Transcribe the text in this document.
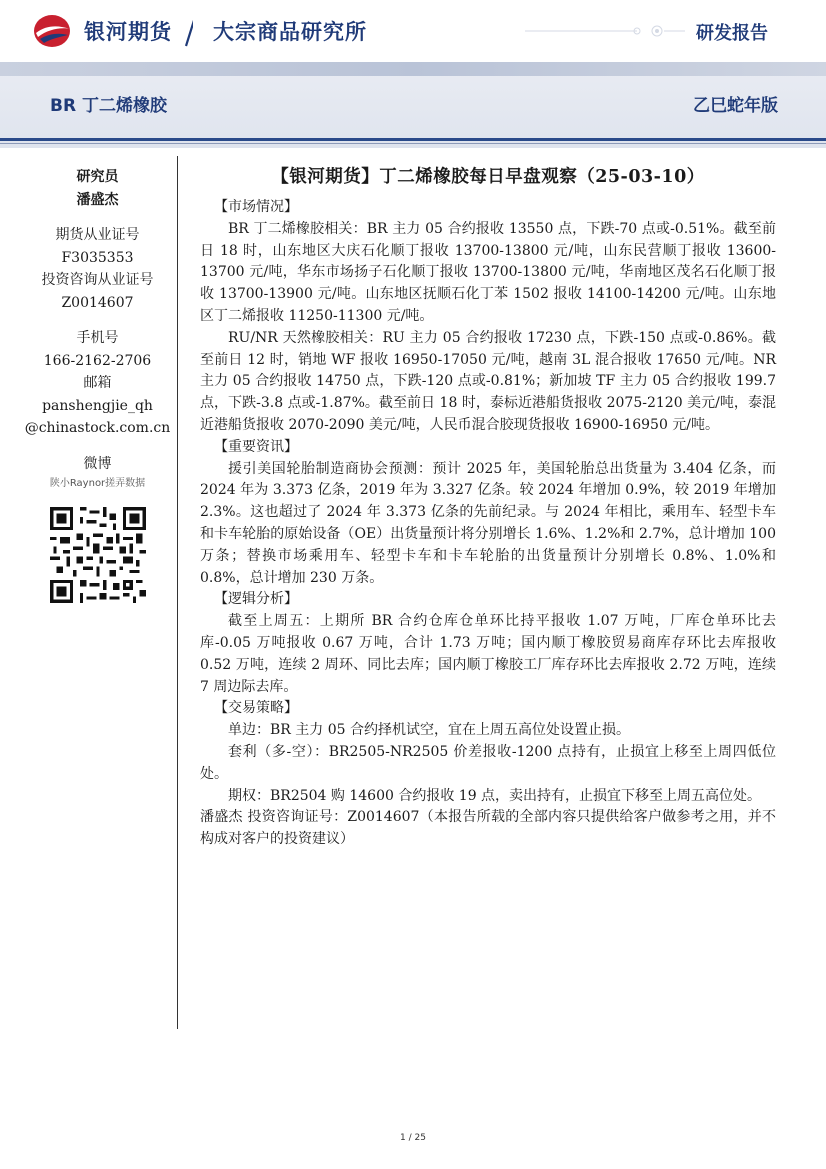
银河期货 大宗商品研究所	研发报告
BR 丁二烯橡胶	乙巳蛇年版
研究员
潘盛杰
期货从业证号
F3035353
投资咨询从业证号
Z0014607
手机号
166-2162-2706
邮箱
panshengjie_qh
@chinastock.com.cn
微博
陕小Raynor搓弄数据
【银河期货】丁二烯橡胶每日早盘观察（25-03-10）
【市场情况】

BR 丁二烯橡胶相关：BR 主力 05 合约报收 13550 点，下跌-70 点或-0.51%。截至前日 18 时，山东地区大庆石化顺丁报收 13700-13800 元/吨，山东民营顺丁报收 13600-13700 元/吨，华东市场扬子石化顺丁报收 13700-13800 元/吨，华南地区茂名石化顺丁报收 13700-13900 元/吨。山东地区抚顺石化丁苯 1502 报收 14100-14200 元/吨。山东地区丁二烯报收 11250-11300 元/吨。

RU/NR 天然橡胶相关：RU 主力 05 合约报收 17230 点，下跌-150 点或-0.86%。截至前日 12 时，销地 WF 报收 16950-17050 元/吨，越南 3L 混合报收 17650 元/吨。NR 主力 05 合约报收 14750 点，下跌-120 点或-0.81%；新加坡 TF 主力 05 合约报收 199.7 点，下跌-3.8 点或-1.87%。截至前日 18 时，泰标近港船货报收 2075-2120 美元/吨，泰混近港船货报收 2070-2090 美元/吨，人民币混合胶现货报收 16900-16950 元/吨。

【重要资讯】

援引美国轮胎制造商协会预测：预计 2025 年，美国轮胎总出货量为 3.404 亿条，而 2024 年为 3.373 亿条，2019 年为 3.327 亿条。较 2024 年增加 0.9%，较 2019 年增加 2.3%。这也超过了 2024 年 3.373 亿条的先前纪录。与 2024 年相比，乘用车、轻型卡车和卡车轮胎的原始设备（OE）出货量预计将分别增长 1.6%、1.2%和 2.7%，总计增加 100 万条；替换市场乘用车、轻型卡车和卡车轮胎的出货量预计分别增长 0.8%、1.0%和 0.8%，总计增加 230 万条。

【逻辑分析】

截至上周五：上期所 BR 合约仓库仓单环比持平报收 1.07 万吨，厂库仓单环比去库-0.05 万吨报收 0.67 万吨，合计 1.73 万吨；国内顺丁橡胶贸易商库存环比去库报收 0.52 万吨，连续 2 周环、同比去库；国内顺丁橡胶工厂库存环比去库报收 2.72 万吨，连续 7 周边际去库。

【交易策略】

单边：BR 主力 05 合约择机试空，宜在上周五高位处设置止损。

套利（多-空）：BR2505-NR2505 价差报收-1200 点持有，止损宜上移至上周四低位处。

期权：BR2504 购 14600 合约报收 19 点，卖出持有，止损宜下移至上周五高位处。

潘盛杰 投资咨询证号：Z0014607（本报告所载的全部内容只提供给客户做参考之用，并不构成对客户的投资建议）

1 / 25
